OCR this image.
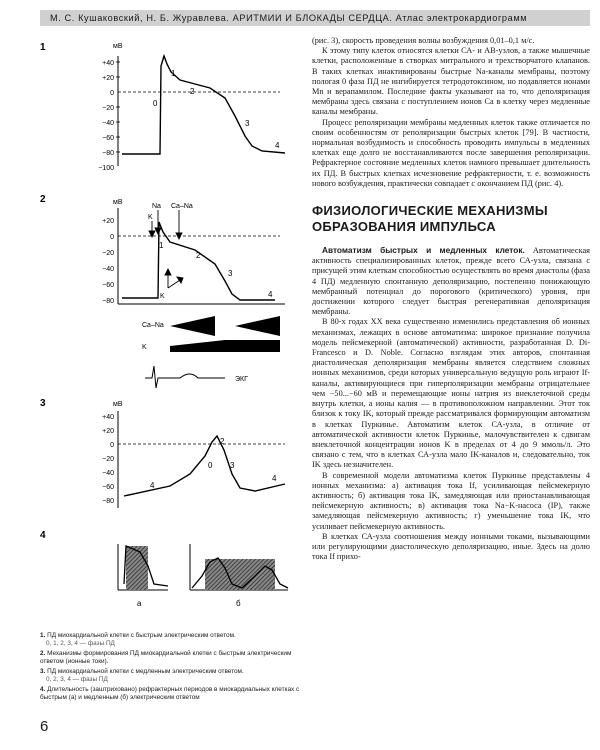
М. С. Кушаковский, Н. Б. Журавлева. АРИТМИИ И БЛОКАДЫ СЕРДЦА. Атлас электрокардиограмм
1
2
3
4
мВ
+40
+20
0
−20
−40
−60
−80
−100
0
1
2
3
4
мВ
+20
0
−20
−40
−60
−80
Na Ca–Na
K
1
2
3
4
K
Ca–Na
K
ЭКГ
мВ
+40
+20
0
−20
−40
−60
−80
0
2
3
4
4
а	б
1. ПД миокардиальной клетки с быстрым электрическим ответом.
0, 1, 2, 3, 4 — фазы ПД
2. Механизмы формирования ПД миокардиальной клетки с быстрым электрическим ответом (ионные токи).
3. ПД миокардиальной клетки с медленным электрическим ответом.
0, 2, 3, 4 — фазы ПД
4. Длительность (заштриховано) рефрактерных периодов в миокардиальных клетках с быстрым (а) и медленным (б) электрическим ответом
6

(рис. 3), скорость проведения волны возбуждения 0,01–0,1 м/с.

К этому типу клеток относятся клетки СА- и АВ-узлов, а также мышечные клетки, расположенные в створках митрального и трехстворчатого клапанов. В таких клетках инактивированы быстрые Na-каналы мембраны, поэтому пологая 0 фаза ПД не ингибируется тетродотоксином, но подавляется ионами Mn и верапамилом. Последние факты указывают на то, что деполяризация мембраны здесь связана с поступлением ионов Ca в клетку через медленные каналы мембраны.

Процесс реполяризации мембраны медленных клеток также отличается по своим особенностям от реполяризации быстрых клеток [79]. В частности, нормальная возбудимость и способность проводить импульсы в медленных клетках еще долго не восстанавливаются после завершения реполяризации. Рефрактерное состояние медленных клеток намного превышает длительность их ПД. В быстрых клетках исчезновение рефрактерности, т. е. возможность нового возбуждения, практически совпадает с окончанием ПД (рис. 4).

ФИЗИОЛОГИЧЕСКИЕ МЕХАНИЗМЫ ОБРАЗОВАНИЯ ИМПУЛЬСА

Автоматизм быстрых и медленных клеток. Автоматическая активность специализированных клеток, прежде всего СА-узла, связана с присущей этим клеткам способностью осуществлять во время диастолы (фаза 4 ПД) медленную спонтанную деполяризацию, постепенно понижающую мембранный потенциал до порогового (критического) уровня, при достижении которого следует быстрая регенеративная деполяризация мембраны.

В 80-х годах XX века существенно изменились представления об ионных механизмах, лежащих в основе автоматизма: широкое признание получила модель пейсмекерной (автоматической) активности, разработанная D. Di-Francesco и D. Noble. Согласно взглядам этих авторов, спонтанная диастолическая деполяризация мембраны является следствием сложных ионных механизмов, среди которых универсальную ведущую роль играют If-каналы, активирующиеся при гиперполяризации мембраны отрицательнее чем −50...−60 мВ и перемещающие ионы натрия из внеклеточной среды внутрь клетки, а ионы калия — в противоположном направлении. Этот ток близок к току IK, который прежде рассматривался формирующим автоматизм в клетках Пуркинье. Автоматизм клеток СА-узла, в отличие от автоматической активности клеток Пуркинье, малочувствителен к сдвигам внеклеточной концентрации ионов K в пределах от 4 до 9 ммоль/л. Это связано с тем, что в клетках СА-узла мало IK-каналов и, следовательно, ток IK здесь незначителен.

В современной модели автоматизма клеток Пуркинье представлены 4 ионных механизма: а) активация тока If, усиливающая пейсмекерную активность; б) активация тока IK, замедляющая или приостанавливающая пейсмекерную активность; в) активация тока Na−K-насоса (IP), также замедляющая пейсмекерную активность; г) уменьшение тока IK, что усиливает пейсмекерную активность.

В клетках СА-узла соотношения между ионными токами, вызывающими или регулирующими диастолическую деполяризацию, иные. Здесь на долю тока If прихо-
